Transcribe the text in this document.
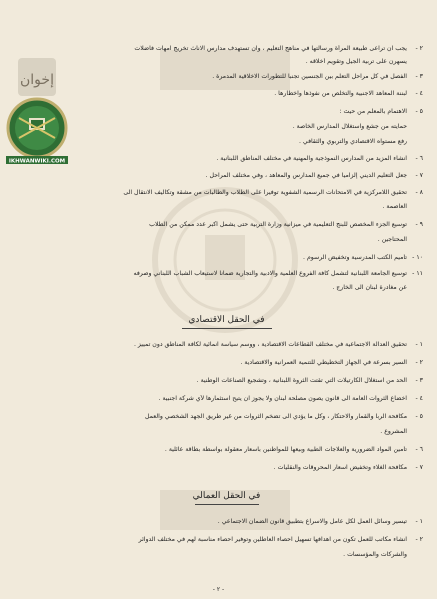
إخوان
IKHWANWIKI.COM
٢ - يجب ان تراعى طبيعة المرأة ورسالتها في مناهج التعليم ، وان تستهدف مدارس الاناث تخريج امهات فاضلات
يسهرن على تربية الجيل وتقويم أخلاقه .
٣ - الفصل في كل مراحل التعلم بين الجنسين تجنباً للتطورات الاخلاقية المدمرة .
٤ - لبننة المعاهد الاجنبية والتخلص من نفوذها واخطارها .
٥ - الاهتمام بالمعلم من حيث :
حمايته من جشع واستغلال المدارس الخاصة .
رفع مستواه الاقتصادي والتربوي والثقافي .
٦ - انشاء المزيد من المدارس النموذجية والمهنية في مختلف المناطق اللبنانية .
٧ - جعل التعليم الديني إلزامياً في جميع المدارس والمعاهد ، وفي مختلف المراحل .
٨ - تحقيق اللامركزية في الامتحانات الرسمية الشفوية توفيراً على الطلاب والطالبات من مشقة وتكاليف الانتقال الى
العاصمة .
٩ - توسيع الجزء المخصص للبنج التعليمية في ميزانية وزارة التربية حتى يشمل اكبر عدد ممكن من الطلاب
المحتاجين .
١٠ - تأميم الكتب المدرسية وتخفيض الرسوم .
١١ - توسيع الجامعة اللبنانية لتشمل كافة الفروع العلمية والادبية والتجارية ضماناً لاستيعاب الشباب اللبناني وصرفه
عن مغادرة لبنان الى الخارج .
في الحقل الاقتصادي
١ - تحقيق العدالة الاجتماعية في مختلف القطاعات الاقتصادية ، ووسم سياسة انمائية لكافة المناطق دون تمييز .
٢ - السير بسرعة في الجهاز التخطيطي للتنمية العمرانية والاقتصادية .
٣ - الحد من استغلال الكارتيلات التي تقتت الثروة اللبنانية ، وتشجيع الصناعات الوطنية .
٤ - اخضاع الثروات العامة الى قانون يصون مصلحة لبنان ولا يجوز ان يتيح استثمارها لأي شركة اجنبية .
٥ - مكافحة الربا والقمار والاحتكار ، وكل ما يؤدي الى تضخم الثروات من غير طريق الجهد الشخصي والعمل
المشروع .
٦ - تأمين المواد الضرورية والعلاجات الطبية وبيعها للمواطنين باسعار معقولة بواسطة بطاقة عائلية .
٧ - مكافحة الغلاء وتخفيض اسعار المحروقات والنقليات .
في الحقل العمالي
١ - تيسير وسائل العمل لكل عامل والاسراع بتطبيق قانون الضمان الاجتماعي .
٢ - انشاء مكاتب للعمل تكون من اهدافها تسهيل احصاء العاطلين وتوفير احصاء مناسبة لهم في مختلف الدوائر
والشركات والمؤسسات .
- ٢ -
